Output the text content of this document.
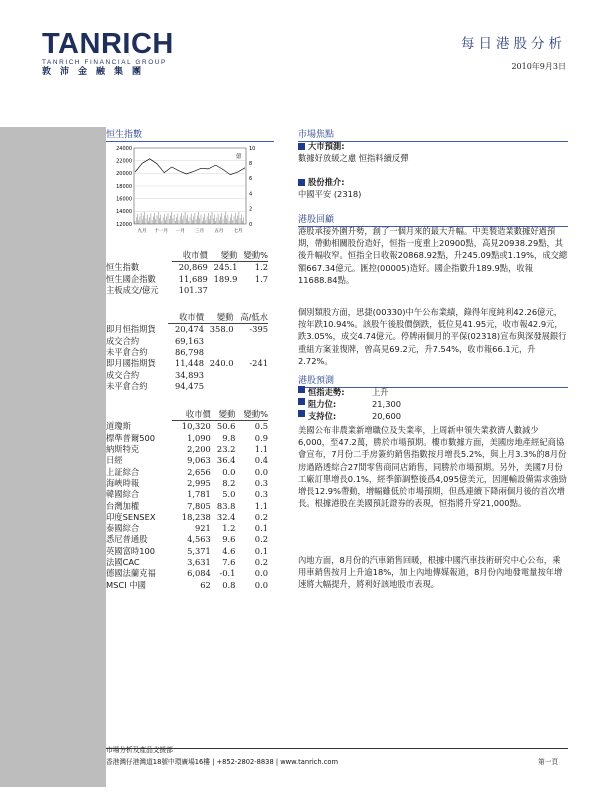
TANRICH
TANRICH FINANCIAL GROUP
敦沛金融集團
每日港股分析
2010年9月3日
恒生指數
24000
22000
20000
18000
16000
14000
12000
10
8
6
4
2
0
九月 十一月 一月 三月 五月 七月
億
	收市價	變動	變動%
恒生指數	20,869	245.1	1.2
恒生國企指數	11,689	189.9	1.7
主板成交/億元	101.37		
	收市價	變動	高/低水
即月恒指期貨	20,474	358.0	-395
成交合約	69,163		
未平倉合約	86,798		
即月國指期貨	11,448	240.0	-241
成交合約	34,893		
未平倉合約	94,475		
	收市價	變動	變動%
道瓊斯	10,320	50.6	0.5
標準普爾500	1,090	9.8	0.9
納斯特克	2,200	23.2	1.1
日經	9,063	36.4	0.4
上証綜合	2,656	0.0	0.0
海峽時報	2,995	8.2	0.3
韓國綜合	1,781	5.0	0.3
台灣加權	7,805	83.8	1.1
印度SENSEX	18,238	32.4	0.2
泰國綜合	921	1.2	0.1
悉尼普通股	4,563	9.6	0.2
英國富時100	5,371	4.6	0.1
法國CAC	3,631	7.6	0.2
德國法蘭克福	6,084	-0.1	0.0
MSCI 中國	62	0.8	0.0
市場焦點
大市預測:
數據好放緩之慮 恒指料續反彈
股份推介:
中國平安 (2318)
港股回顧
港股承接外圍升勢，創了一個月來的最大升幅。中美製造業數據好過預期，帶動相關股份造好，恒指一度重上20900點，高見20938.29點，其後升幅收窄。恒指全日收報20868.92點，升245.09點或1.19%，成交總額667.34億元。匯控(00005)造好。國企指數升189.9點，收報11688.84點。
個別類股方面，思捷(00330)中午公布業績，錄得年度純利42.26億元，按年跌10.94%。該股午後股價倒跌，低位見41.95元，收市報42.9元，跌3.05%，成交4.74億元。停牌兩個月的平保(02318)宣布與深發展銀行重組方案並復牌，曾高見69.2元，升7.54%，收市報66.1元，升2.72%。
港股預測
恒指走勢:	上升
阻力位:	21,300
支持位:	20,600
美國公布非農業新增職位及失業率，上周新申領失業救濟人數減少6,000，至47.2萬，勝於市場預期。樓市數據方面，美國房地產經紀商協會宣布，7月份二手房簽約銷售指數按月增長5.2%，與上月3.3%的8月份房過路透綜合27間零售商同店銷售，同勝於市場預期。另外，美國7月份工廠訂單增長0.1%，經季節調整後爲4,095億美元，因運輸設備需求強勁增長12.9%帶動，增幅雖低於市場預期，但爲連續下降兩個月後的首次增長。根據港股在美國預託證券的表現，恒指將升穿21,000點。
內地方面，8月份的汽車銷售回暖，根據中國汽車技術研究中心公布，乘用車銷售按月上升逾18%，加上內地傳媒報道，8月份內地發電量按年增速將大幅提升，將利好該地股市表現。
市場分析及產品支援部
香港灣仔港灣道18號中環廣場16樓 | +852-2802-8838 | www.tanrich.com	第一頁
